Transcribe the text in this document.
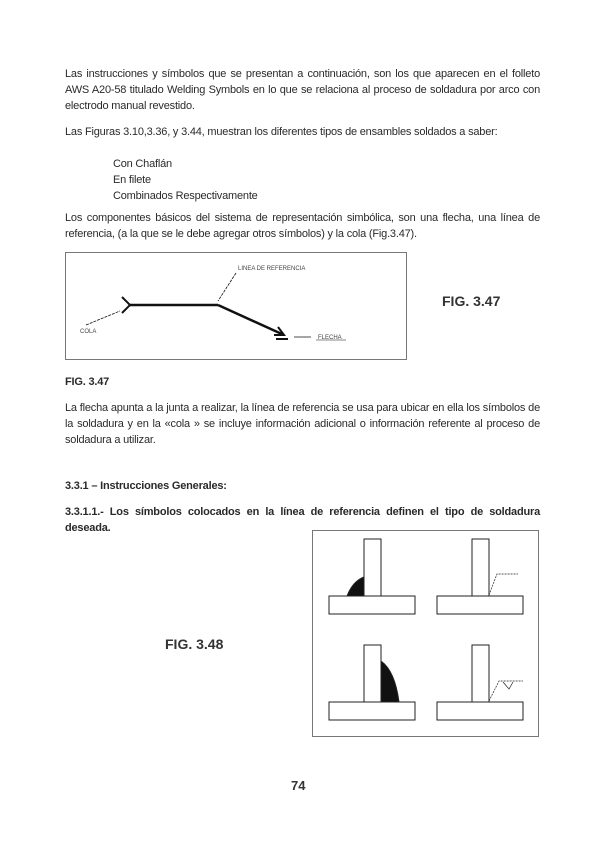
Las instrucciones y símbolos que se presentan a continuación, son los que aparecen en el folleto AWS A20-58 titulado Welding Symbols en lo que se relaciona al proceso de soldadura por arco con electrodo manual revestido.
Las Figuras 3.10,3.36, y 3.44, muestran los diferentes tipos de ensambles soldados a saber:
Con Chaflán
En filete
Combinados Respectivamente
Los componentes básicos del sistema de representación simbólica, son una flecha, una línea de referencia, (a la que se le debe agregar otros símbolos) y la cola (Fig.3.47).
LINEA DE REFERENCIA
COLA
FLECHA
FIG. 3.47
FIG. 3.47
La flecha apunta a la junta a realizar, la línea de referencia se usa para ubicar en ella los símbolos de la soldadura y en la «cola » se incluye información adicional o información referente al proceso de soldadura a utilizar.
3.3.1 – Instrucciones Generales:
3.3.1.1.- Los símbolos colocados en la línea de referencia definen el tipo de soldadura deseada.
FIG. 3.48
74
